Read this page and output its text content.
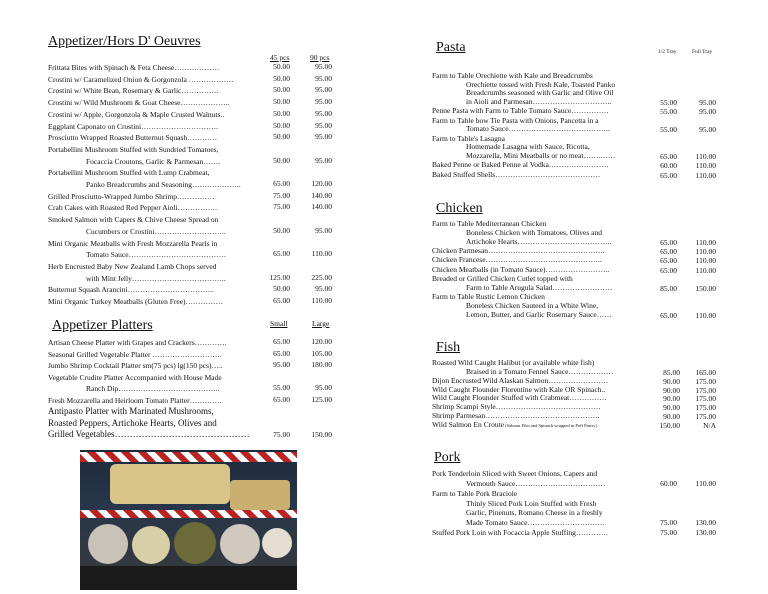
Appetizer/Hors D' Oeuvres
45 pcs	90 pcs
Frittata Bites with Spinach & Feta Cheese………………	50.00	95.00
Crostini w/ Caramelized Onion & Gorgonzola ………………	50.00	95.00
Crostini w/ White Bean, Rosemary & Garlic……………	50.00	95.00
Crostini w/ Wild Mushroom & Goat Cheese………………..	50.00	95.00
Crostini w/ Apple, Gorgonzola & Maple Crusted Walnuts..	50.00	95.00
Eggplant Caponato on Crostini………………………….	50.00	95.00
Prosciutto Wrapped Roasted Butternut Squash…………	50.00	95.00
Portabellini Mushroom Stuffed with Sundried Tomatoes,
Focaccia Croutons, Garlic & Parmesan…….	50.00	95.00
Portabellini Mushroom Stuffed with Lump Crabmeat,
Panko Breadcrumbs and Seasoning………………..	65.00	120.00
Grilled Prosciutto-Wrapped Jumbo Shrimp……………	75.00	140.00
Crab Cakes with Roasted Red Pepper Aioli…………….	75.00	140.00
Smoked Salmon with Capers & Chive Cheese Spread on
Cucumbers or Crostini………………………..	50.00	95.00
Mini Organic Meatballs with Fresh Mozzarella Pearls in
Tomato Sauce…………………………………	65.00	110.00
Herb Encrusted Baby New Zealand Lamb Chops served
with Mint Jelly………………………………..	125.00	225.00
Butternut Squash Arancini……………………………..	50.00	95.00
Mini Organic Turkey Meatballs (Gluten Free)……………	65.00	110.00
Appetizer Platters	Small	Large
Artisan Cheese Platter with Grapes and Crackers………….	65.00	120.00
Seasonal Grilled Vegetable Platter ……………………….	65.00	105.00
Jumbo Shrimp Cocktail Platter sm(75 pcs) lg(150 pcs)…..	95.00	180.00
Vegetable Crudite Platter Accompanied with House Made
Ranch Dip…………………………………..	55.00	95.00
Fresh Mozzarella and Heirloom Tomato Platter………….	65.00	125.00
Antipasto Platter with Marinated Mushrooms,
Roasted Peppers, Artichoke Hearts, Olives and
Grilled Vegetables………………………………………	75.00	150.00
Pasta	1/2 Tray	Full Tray
Farm to Table Orechiette with Kale and Breadcrumbs
Orechiette tossed with Fresh Kale, Toasted Panko
Breadcrumbs seasoned with Garlic and Olive Oil
in Aioli and Parmesan…………………………..	55.00	95.00
Penne Pasta with Farm to Table Tomato Sauce……………	55.00	95.00
Farm to Table bow Tie Pasta with Onions, Pancetta in a
Tomato Sauce…………………………………..	55.00	95.00
Farm to Table's Lasagna
Homemade Lasagna with Sauce, Ricotta,
Mozzarella, Mini Meatballs or no meat…….……	65.00	110.00
Baked Penne or Baked Penne al Vodka……………………	60.00	110.00
Baked Stuffed Shells……………………………………	65.00	110.00
Chicken
Farm to Table Mediterranean Chicken
Boneless Chicken with Tomatoes, Olives and
Artichoke Hearts………………………………..	65.00	110.00
Chicken Parmesan………………………………………..	65.00	110.00
Chicken Francese………………………………………..	65.00	110.00
Chicken Meatballs (in Tomato Sauce)……………………..	65.00	110.00
Breaded or Grilled Chicken Cutlet topped with
Farm to Table Arugula Salad……………………	85.00	150.00
Farm to Table Rustic Lemon Chicken
Boneless Chicken Sauteed in a White Wine,
Lemon, Butter, and Garlic Rosemary Sauce……	65.00	110.00
Fish
Roasted Wild Caught Halibut (or available white fish)
Braised in a Tomato Fennel Sauce………………	85.00	165.00
Dijon Encrusted Wild Alaskan Salmon……………………	90.00	175.00
Wild Caught Flounder Florentine with Kale OR Spinach..	90.00	175.00
Wild Caught Flounder Stuffed with Crabmeat……………	90.00	175.00
Shrimp Scampi Style……………………………………	90.00	175.00
Shrimp Parmesan……………………………………….	90.00	175.00
Wild Salmon En Croute (Salmon Filet and Spinach wrapped in Puff Pastry).	150.00	N/A
Pork
Pork Tenderloin Sliced with Sweet Onions, Capers and
Vermouth Sauce………………………………	60.00	110.00
Farm to Table Pork Braciole
Thinly Sliced Pork Loin Stuffed with Fresh
Garlic, Pinenuts, Romano Cheese in a freshly
Made Tomato Sauce………………………….	75.00	130.00
Stuffed Pork Loin with Focaccia Apple Stuffing………….	75.00	130.00
